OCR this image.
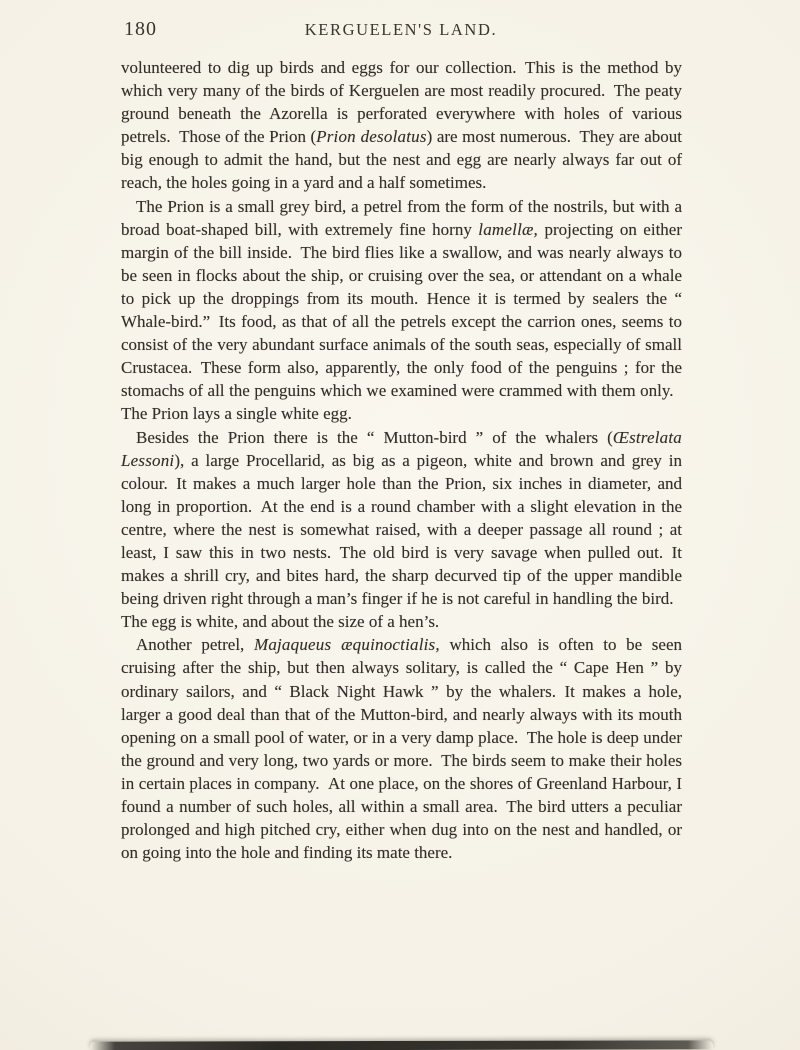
180	KERGUELEN'S LAND.

volunteered to dig up birds and eggs for our collection. This is the method by which very many of the birds of Kerguelen are most readily procured. The peaty ground beneath the Azorella is perforated everywhere with holes of various petrels. Those of the Prion (Prion desolatus) are most numerous. They are about big enough to admit the hand, but the nest and egg are nearly always far out of reach, the holes going in a yard and a half sometimes.

The Prion is a small grey bird, a petrel from the form of the nostrils, but with a broad boat-shaped bill, with extremely fine horny lamellæ, projecting on either margin of the bill inside. The bird flies like a swallow, and was nearly always to be seen in flocks about the ship, or cruising over the sea, or attendant on a whale to pick up the droppings from its mouth. Hence it is termed by sealers the “ Whale-bird.” Its food, as that of all the petrels except the carrion ones, seems to consist of the very abundant surface animals of the south seas, especially of small Crustacea. These form also, apparently, the only food of the penguins ; for the stomachs of all the penguins which we examined were crammed with them only. The Prion lays a single white egg.

Besides the Prion there is the “ Mutton-bird ” of the whalers (Œstrelata Lessoni), a large Procellarid, as big as a pigeon, white and brown and grey in colour. It makes a much larger hole than the Prion, six inches in diameter, and long in proportion. At the end is a round chamber with a slight elevation in the centre, where the nest is somewhat raised, with a deeper passage all round ; at least, I saw this in two nests. The old bird is very savage when pulled out. It makes a shrill cry, and bites hard, the sharp decurved tip of the upper mandible being driven right through a man’s finger if he is not careful in handling the bird. The egg is white, and about the size of a hen’s.

Another petrel, Majaqueus æquinoctialis, which also is often to be seen cruising after the ship, but then always solitary, is called the “ Cape Hen ” by ordinary sailors, and “ Black Night Hawk ” by the whalers. It makes a hole, larger a good deal than that of the Mutton-bird, and nearly always with its mouth opening on a small pool of water, or in a very damp place. The hole is deep under the ground and very long, two yards or more. The birds seem to make their holes in certain places in company. At one place, on the shores of Greenland Harbour, I found a number of such holes, all within a small area. The bird utters a peculiar prolonged and high pitched cry, either when dug into on the nest and handled, or on going into the hole and finding its mate there.
